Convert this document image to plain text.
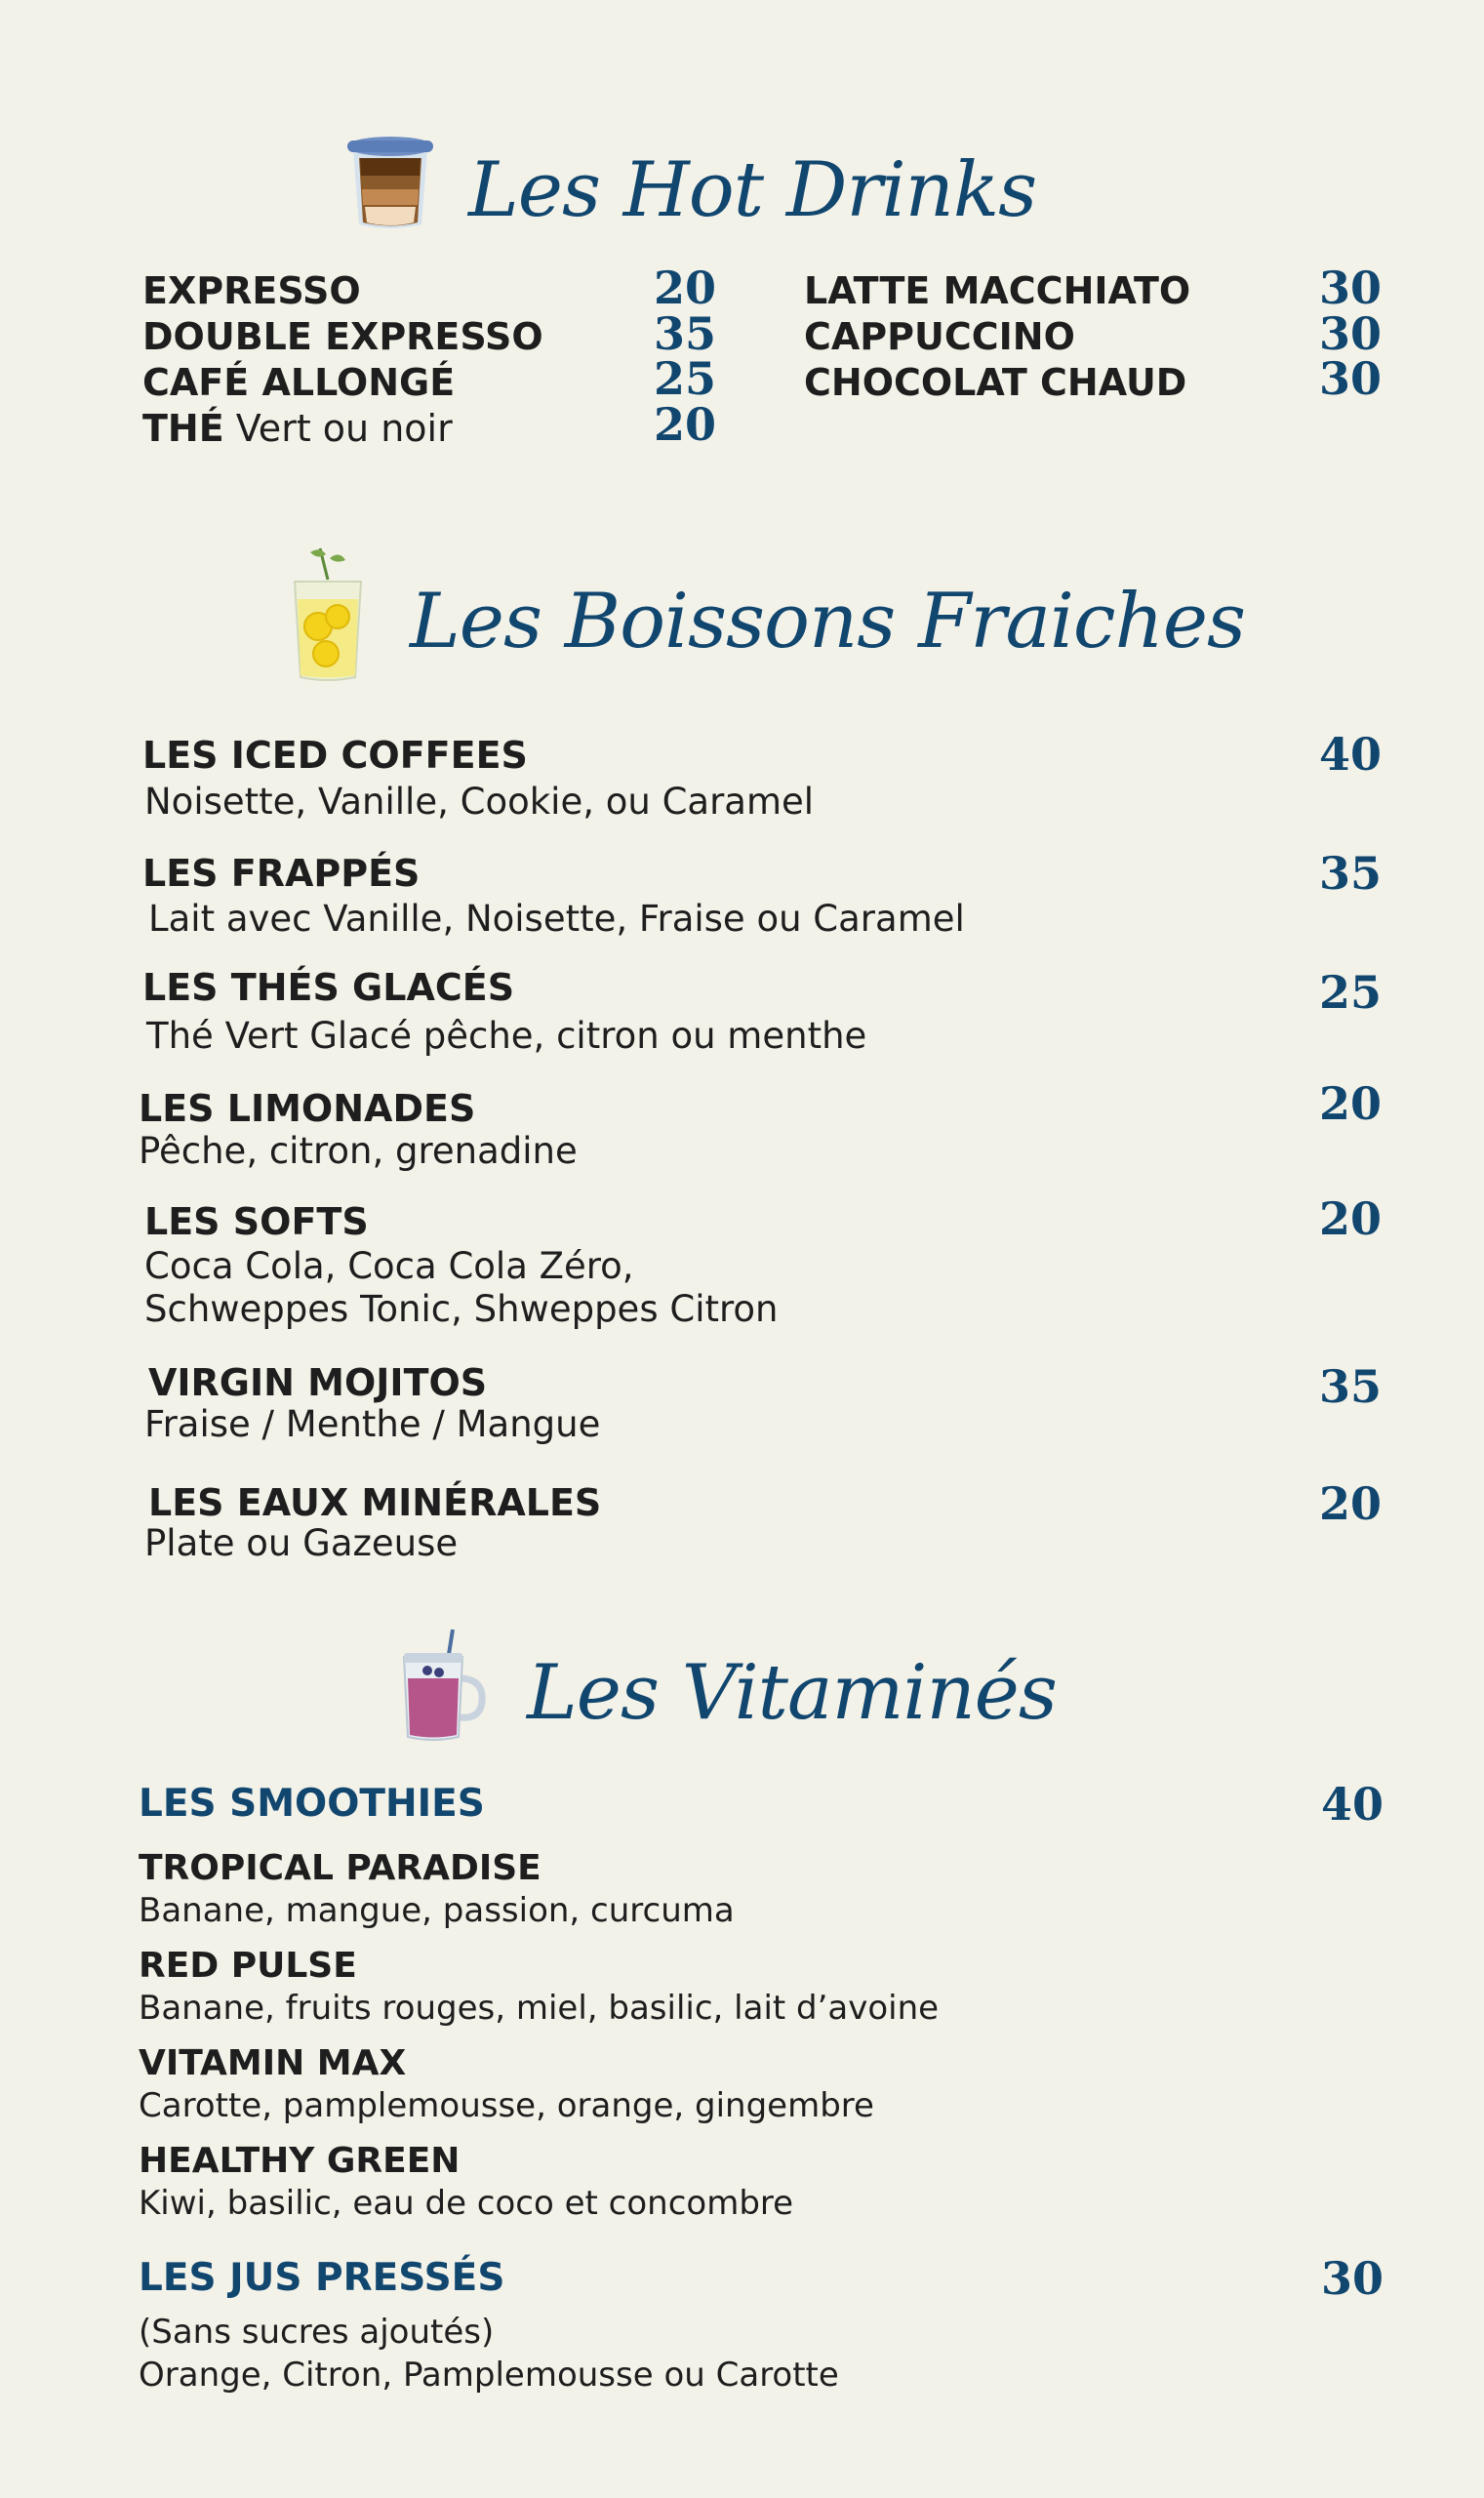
Les Hot Drinks
EXPRESSO	20
DOUBLE EXPRESSO 35
CAFÉ ALLONGÉ	25
THÉ Vert ou noir	20
LATTE MACCHIATO	30
CAPPUCCINO	30
CHOCOLAT CHAUD	30
Les Boissons Fraiches
LES ICED COFFEES
Noisette, Vanille, Cookie, ou Caramel
40
LES FRAPPÉS
Lait avec Vanille, Noisette, Fraise ou Caramel
35
LES THÉS GLACÉS
Thé Vert Glacé pêche, citron ou menthe
25
LES LIMONADES
Pêche, citron, grenadine
20
LES SOFTS
Coca Cola, Coca Cola Zéro,
Schweppes Tonic, Shweppes Citron
20
VIRGIN MOJITOS
Fraise / Menthe / Mangue
35
LES EAUX MINÉRALES
Plate ou Gazeuse
20
Les Vitaminés
LES SMOOTHIES	40
TROPICAL PARADISE
Banane, mangue, passion, curcuma
RED PULSE
Banane, fruits rouges, miel, basilic, lait d’avoine
VITAMIN MAX
Carotte, pamplemousse, orange, gingembre
HEALTHY GREEN
Kiwi, basilic, eau de coco et concombre
LES JUS PRESSÉS	30
(Sans sucres ajoutés)
Orange, Citron, Pamplemousse ou Carotte
